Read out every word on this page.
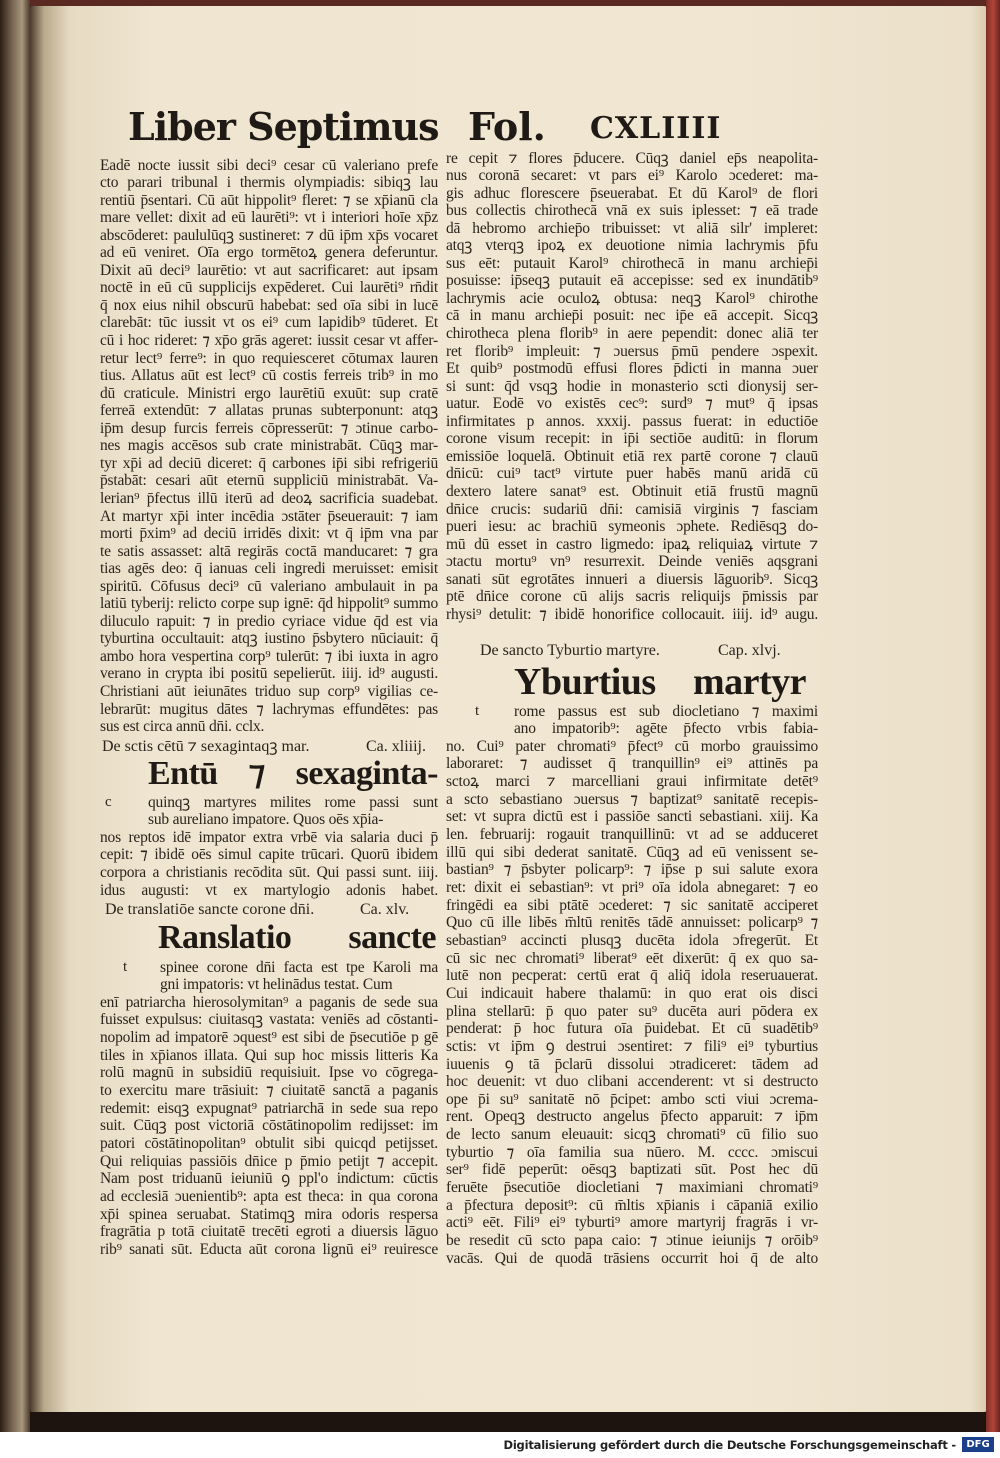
Liber Septimus Fol. CXLIIII
Eadē nocte iussit sibi deci⁹ cesar cū valeriano prefe
cto parari tribunal i thermis olympiadis: sibiqꝫ lau
rentiū p̄sentari. Cū aūt hippolit⁹ fleret: ⁊ se xp̄ianū cla
mare vellet: dixit ad eū laurēti⁹: vt i interiori hoīe xp̄z
abscōderet: paululūqꝫ sustineret: ⁊ dū ip̄m xp̄s vocaret
ad eū veniret. Oīa ergo tormētoꝝ genera deferuntur.
Dixit aū deci⁹ laurētio: vt aut sacrificaret: aut ipsam
noctē in eū cū supplicijs expēderet. Cui laurēti⁹ rn̄dit
q̄ nox eius nihil obscurū habebat: sed oīa sibi in lucē
clarebāt: tūc iussit vt os ei⁹ cum lapidib⁹ tūderet. Et
cū i hoc rideret: ⁊ xp̄o grās ageret: iussit cesar vt affer-
retur lect⁹ ferre⁹: in quo requiesceret cōtumax lauren
tius. Allatus aūt est lect⁹ cū costis ferreis trib⁹ in mo
dū craticule. Ministri ergo laurētiū exuūt: sup cratē
ferreā extendūt: ⁊ allatas prunas subterponunt: atqꝫ
ip̄m desup furcis ferreis cōpresserūt: ⁊ ɔtinue carbo-
nes magis accēsos sub crate ministrabāt. Cūqꝫ mar-
tyr xp̄i ad deciū diceret: q̄ carbones ip̄i sibi refrigeriū
p̄stabāt: cesari aūt eternū suppliciū ministrabāt. Va-
lerian⁹ p̄fectus illū iterū ad deoꝝ sacrificia suadebat.
At martyr xp̄i inter incēdia ɔstāter p̄seuerauit: ⁊ iam
morti p̄xim⁹ ad deciū irridēs dixit: vt q̄ ip̄m vna par
te satis assasset: altā regirās coctā manducaret: ⁊ gra
tias agēs deo: q̄ ianuas celi ingredi meruisset: emisit
spiritū. Cōfusus deci⁹ cū valeriano ambulauit in pa
latiū tyberij: relicto corpe sup ignē: q̄d hippolit⁹ summo
diluculo rapuit: ⁊ in predio cyriace vidue q̄d est via
tyburtina occultauit: atqꝫ iustino p̄sbytero nūciauit: q̄
ambo hora vespertina corp⁹ tulerūt: ⁊ ibi iuxta in agro
verano in crypta ibi positū sepelierūt. iiij. id⁹ augusti.
Christiani aūt ieiunātes triduo sup corp⁹ vigilias ce-
lebrarūt: mugitus dātes ⁊ lachrymas effundētes: pas
sus est circa annū dn̄i. cclx.
De sctis cētū ⁊ sexagintaqꝫ mar.	Ca. xliiij.
Entū ⁊ sexaginta-
c quinqꝫ martyres milites rome passi sunt
sub aureliano impatore. Quos oēs xp̄ia-
nos reptos idē impator extra vrbē via salaria duci p̄
cepit: ⁊ ibidē oēs simul capite trūcari. Quorū ibidem
corpora a christianis recōdita sūt. Qui passi sunt. iiij.
idus augusti: vt ex martylogio adonis habet.
De translatiōe sancte corone dn̄i.	Ca. xlv.
Ranslatio sancte
t spinee corone dn̄i facta est tpe Karoli ma
gni impatoris: vt helinādus testat. Cum
enī patriarcha hierosolymitan⁹ a paganis de sede sua
fuisset expulsus: ciuitasqꝫ vastata: veniēs ad cōstanti-
nopolim ad impatorē ɔquest⁹ est sibi de p̄secutiōe p gē
tiles in xp̄ianos illata. Qui sup hoc missis litteris Ka
rolū magnū in subsidiū requisiuit. Ipse vo cōgrega-
to exercitu mare trāsiuit: ⁊ ciuitatē sanctā a paganis
redemit: eisqꝫ expugnat⁹ patriarchā in sede sua repo
suit. Cūqꝫ post victoriā cōstātinopolim redijsset: im
patori cōstātinopolitan⁹ obtulit sibi quicqd petijsset.
Qui reliquias passiōis dn̄ice p p̄mio petijt ⁊ accepit.
Nam post triduanū ieiuniū ꝯ ppl'o indictum: cūctis
ad ecclesiā ɔuenientib⁹: apta est theca: in qua corona
xp̄i spinea seruabat. Statimqꝫ mira odoris respersa
fragrātia p totā ciuitatē trecēti egroti a diuersis lāguo
rib⁹ sanati sūt. Educta aūt corona lignū ei⁹ reuiresce
re cepit ⁊ flores p̄ducere. Cūqꝫ daniel ep̄s neapolita-
nus coronā secaret: vt pars ei⁹ Karolo ɔcederet: ma-
gis adhuc florescere p̄seuerabat. Et dū Karol⁹ de flori
bus collectis chirothecā vnā ex suis iplesset: ⁊ eā trade
dā hebromo archiep̄o tribuisset: vt aliā silr' impleret:
atqꝫ vterqꝫ ipoꝝ ex deuotione nimia lachrymis p̄fu
sus eēt: putauit Karol⁹ chirothecā in manu archiep̄i
posuisse: ip̄seqꝫ putauit eā accepisse: sed ex inundātib⁹
lachrymis acie oculoꝝ obtusa: neqꝫ Karol⁹ chirothe
cā in manu archiep̄i posuit: nec ip̄e eā accepit. Sicqꝫ
chirotheca plena florib⁹ in aere pependit: donec aliā ter
ret florib⁹ impleuit: ⁊ ɔuersus p̄mū pendere ɔspexit.
Et quib⁹ postmodū effusi flores p̄dicti in manna ɔuer
si sunt: q̄d vsqꝫ hodie in monasterio scti dionysij ser-
uatur. Eodē vo existēs cec⁹: surd⁹ ⁊ mut⁹ q̄ ipsas
infirmitates p annos. xxxij. passus fuerat: in eductiōe
corone visum recepit: in ip̄i sectiōe auditū: in florum
emissiōe loquelā. Obtinuit etiā rex partē corone ⁊ clauū
dn̄icū: cui⁹ tact⁹ virtute puer habēs manū aridā cū
dextero latere sanat⁹ est. Obtinuit etiā frustū magnū
dn̄ice crucis: sudariū dn̄i: camisiā virginis ⁊ fasciam
pueri iesu: ac brachiū symeonis ɔphete. Rediēsqꝫ do-
mū dū esset in castro ligmedo: ipaꝝ reliquiaꝝ virtute ⁊
ɔtactu mortu⁹ vn⁹ resurrexit. Deinde veniēs aqsgrani
sanati sūt egrotātes innueri a diuersis lāguorib⁹. Sicqꝫ
ptē dn̄ice corone cū alijs sacris reliquijs p̄missis par
rhysi⁹ detulit: ⁊ ibidē honorifice collocauit. iiij. id⁹ augu.
De sancto Tyburtio martyre.	Cap. xlvj.
Yburtius martyr
t rome passus est sub diocletiano ⁊ maximi
ano impatorib⁹: agēte p̄fecto vrbis fabia-
no. Cui⁹ pater chromati⁹ p̄fect⁹ cū morbo grauissimo
laboraret: ⁊ audisset q̄ tranquillin⁹ ei⁹ attinēs pa
sctoꝝ marci ⁊ marcelliani graui infirmitate detēt⁹
a scto sebastiano ɔuersus ⁊ baptizat⁹ sanitatē recepis-
set: vt supra dictū est i passiōe sancti sebastiani. xiij. Ka
len. februarij: rogauit tranquillinū: vt ad se adduceret
illū qui sibi dederat sanitatē. Cūqꝫ ad eū venissent se-
bastian⁹ ⁊ p̄sbyter policarp⁹: ⁊ ip̄se p sui salute exora
ret: dixit ei sebastian⁹: vt pri⁹ oīa idola abnegaret: ⁊ eo
fringēdi ea sibi ptātē ɔcederet: ⁊ sic sanitatē acciperet
Quo cū ille libēs m̄ltū renitēs tādē annuisset: policarp⁹ ⁊
sebastian⁹ accincti plusqꝫ ducēta idola ɔfregerūt. Et
cū sic nec chromati⁹ liberat⁹ eēt dixerūt: q̄ ex quo sa-
lutē non pecperat: certū erat q̄ aliq̄ idola reseruauerat.
Cui indicauit habere thalamū: in quo erat ois disci
plina stellarū: p̄ quo pater su⁹ ducēta auri pōdera ex
penderat: p̄ hoc futura oīa p̄uidebat. Et cū suadētib⁹
sctis: vt ip̄m ꝯ destrui ɔsentiret: ⁊ fili⁹ ei⁹ tyburtius
iuuenis ꝯ tā p̄clarū dissolui ɔtradiceret: tādem ad
hoc deuenit: vt duo clibani accenderent: vt si destructo
ope p̄i su⁹ sanitatē nō p̄cipet: ambo scti viui ɔcrema-
rent. Opeqꝫ destructo angelus p̄fecto apparuit: ⁊ ip̄m
de lecto sanum eleuauit: sicqꝫ chromati⁹ cū filio suo
tyburtio ⁊ oīa familia sua nūero. M. cccc. ɔmiscui
ser⁹ fidē peperūt: oēsqꝫ baptizati sūt. Post hec dū
feruēte p̄secutiōe diocletiani ⁊ maximiani chromati⁹
a p̄fectura deposit⁹: cū m̄ltis xp̄ianis i cāpaniā exilio
acti⁹ eēt. Fili⁹ ei⁹ tyburti⁹ amore martyrij fragrās i vr-
be resedit cū scto papa caio: ⁊ ɔtinue ieiunijs ⁊ orōib⁹
vacās. Qui de quodā trāsiens occurrit hoi q̄ de alto
Digitalisierung gefördert durch die Deutsche Forschungsgemeinschaft -	DFG
